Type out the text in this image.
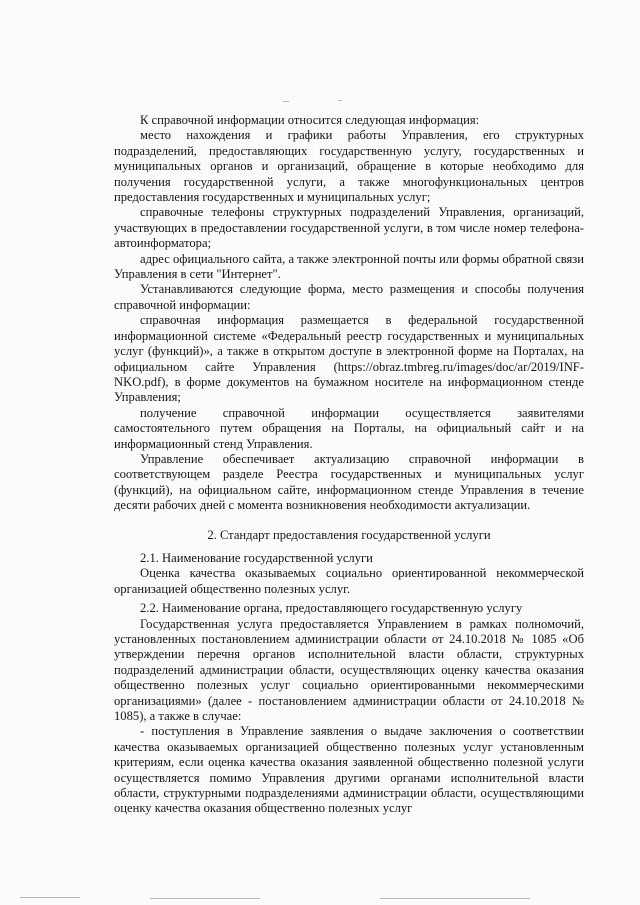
К справочной информации относится следующая информация:

место нахождения и графики работы Управления, его структурных подразделений, предоставляющих государственную услугу, государственных и муниципальных органов и организаций, обращение в которые необходимо для получения государственной услуги, а также многофункциональных центров предоставления государственных и муниципальных услуг;

справочные телефоны структурных подразделений Управления, организаций, участвующих в предоставлении государственной услуги, в том числе номер телефона-автоинформатора;

адрес официального сайта, а также электронной почты или формы обратной связи Управления в сети "Интернет".

Устанавливаются следующие форма, место размещения и способы получения справочной информации:

справочная информация размещается в федеральной государственной информационной системе «Федеральный реестр государственных и муниципальных услуг (функций)», а также в открытом доступе в электронной форме на Порталах, на официальном сайте Управления (https://obraz.tmbreg.ru/images/doc/ar/2019/INF-NKO.pdf), в форме документов на бумажном носителе на информационном стенде Управления;

получение справочной информации осуществляется заявителями самостоятельного путем обращения на Порталы, на официальный сайт и на информационный стенд Управления.

Управление обеспечивает актуализацию справочной информации в соответствующем разделе Реестра государственных и муниципальных услуг (функций), на официальном сайте, информационном стенде Управления в течение десяти рабочих дней с момента возникновения необходимости актуализации.

2. Стандарт предоставления государственной услуги

2.1. Наименование государственной услуги

Оценка качества оказываемых социально ориентированной некоммерческой организацией общественно полезных услуг.

2.2. Наименование органа, предоставляющего государственную услугу

Государственная услуга предоставляется Управлением в рамках полномочий, установленных постановлением администрации области от 24.10.2018 № 1085 «Об утверждении перечня органов исполнительной власти области, структурных подразделений администрации области, осуществляющих оценку качества оказания общественно полезных услуг социально ориентированными некоммерческими организациями» (далее - постановлением администрации области от 24.10.2018 № 1085), а также в случае:

- поступления в Управление заявления о выдаче заключения о соответствии качества оказываемых организацией общественно полезных услуг установленным критериям, если оценка качества оказания заявленной общественно полезной услуги осуществляется помимо Управления другими органами исполнительной власти области, структурными подразделениями администрации области, осуществляющими оценку качества оказания общественно полезных услуг
